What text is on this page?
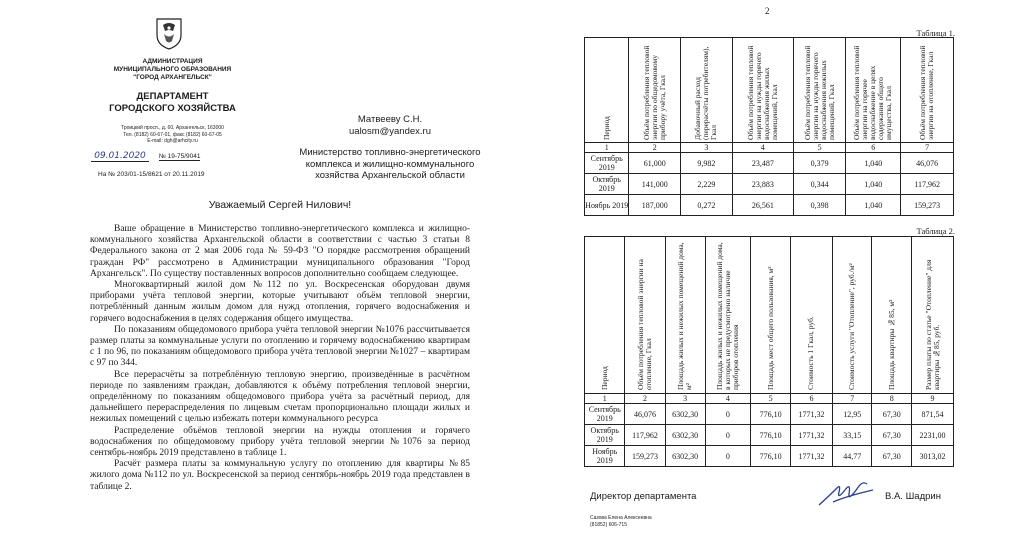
АДМИНИСТРАЦИЯ
МУНИЦИПАЛЬНОГО ОБРАЗОВАНИЯ
"ГОРОД АРХАНГЕЛЬСК"
ДЕПАРТАМЕНТ
ГОРОДСКОГО ХОЗЯЙСТВА
Троицкий просп., д. 60, Архангельск, 163000
Тел. (8182) 60-67-01, факс (8182) 60-67-05
E-mail: dgh@arhcity.ru
09.01.2020 № 19-75/9041
На № 203/01-15/8621 от 20.11.2019
Матвееву С.Н.
ualosm@yandex.ru
Министерство топливно-энергетического
комплекса и жилищно-коммунального
хозяйства Архангельской области
Уважаемый Сергей Нилович!

Ваше обращение в Министерство топливно-энергетического комплекса и жилищно-коммунального хозяйства Архангельской области в соответствии с частью 3 статьи 8 Федерального закона от 2 мая 2006 года № 59-ФЗ "О порядке рассмотрения обращений граждан РФ" рассмотрено в Администрации муниципального образования "Город Архангельск". По существу поставленных вопросов дополнительно сообщаем следующее.

Многоквартирный жилой дом №112 по ул. Воскресенская оборудован двумя приборами учёта тепловой энергии, которые учитывают объём тепловой энергии, потреблённый данным жилым домом для нужд отопления, горячего водоснабжения и горячего водоснабжения в целях содержания общего имущества.

По показаниям общедомового прибора учёта тепловой энергии №1076 рассчитывается размер платы за коммунальные услуги по отоплению и горячему водоснабжению квартирам с 1 по 96, по показаниям общедомового прибора учёта тепловой энергии №1027 – квартирам с 97 по 344.

Все перерасчёты за потреблённую тепловую энергию, произведённые в расчётном периоде по заявлениям граждан, добавляются к объёму потребления тепловой энергии, определённому по показаниям общедомового прибора учёта за расчётный период, для дальнейшего перераспределения по лицевым счетам пропорционально площади жилых и нежилых помещений с целью избежать потери коммунального ресурса

Распределение объёмов тепловой энергии на нужды отопления и горячего водоснабжения по общедомовому прибору учёта тепловой энергии №1076 за период сентябрь-ноябрь 2019 представлено в таблице 1.

Расчёт размера платы за коммунальную услугу по отоплению для квартиры №85 жилого дома №112 по ул. Воскресенской за период сентябрь-ноябрь 2019 года представлен в таблице 2.

2
Таблица 1.
Период	Объём потребления тепловой энергии по общедомовому прибору учёта, Гкал	Добавочный расход (перерасчёты потребителям), Гкал	Объём потребления тепловой энергии на нужды горячего водоснабжения жилых помещений, Гкал	Объём потребления тепловой энергии на нужды горячего водоснабжения нежилых помещений, Гкал	Объём потребления тепловой энергии на горячее водоснабжение в целях содержания общего имущества, Гкал	Объём потребления тепловой энергии на отопление, Гкал

1	2	3	4	5	6	7
Сентябрь 2019	61,000	9,982	23,487	0,379	1,040	46,076
Октябрь 2019	141,000	2,229	23,883	0,344	1,040	117,962
Ноябрь 2019	187,000	0,272	26,561	0,398	1,040	159,273
Таблица 2.
Период	Объём потребления тепловой энергии на отопление, Гкал	Площадь жилых и нежилых помещений дома, м²	Площадь жилых и нежилых помещений дома, в которых не предусмотрено наличие приборов отопления	Площадь мест общего пользования, м²	Стоимость 1 Гкал, руб.	Стоимость услуги "Отопление", руб./м²	Площадь квартиры №85, м²	Размер платы по статье "Отопление" для квартиры №85, руб.

1	2	3	4	5	6	7	8	9
Сентябрь 2019	46,076	6302,30	0	776,10	1771,32	12,95	67,30	871,54
Октябрь 2019	117,962	6302,30	0	776,10	1771,32	33,15	67,30	2231,00
Ноябрь 2019	159,273	6302,30	0	776,10	1771,32	44,77	67,30	3013,02
Директор департамента	В.А. Шадрин
Сазова Елена Алексеевна
(81852) 606-715
